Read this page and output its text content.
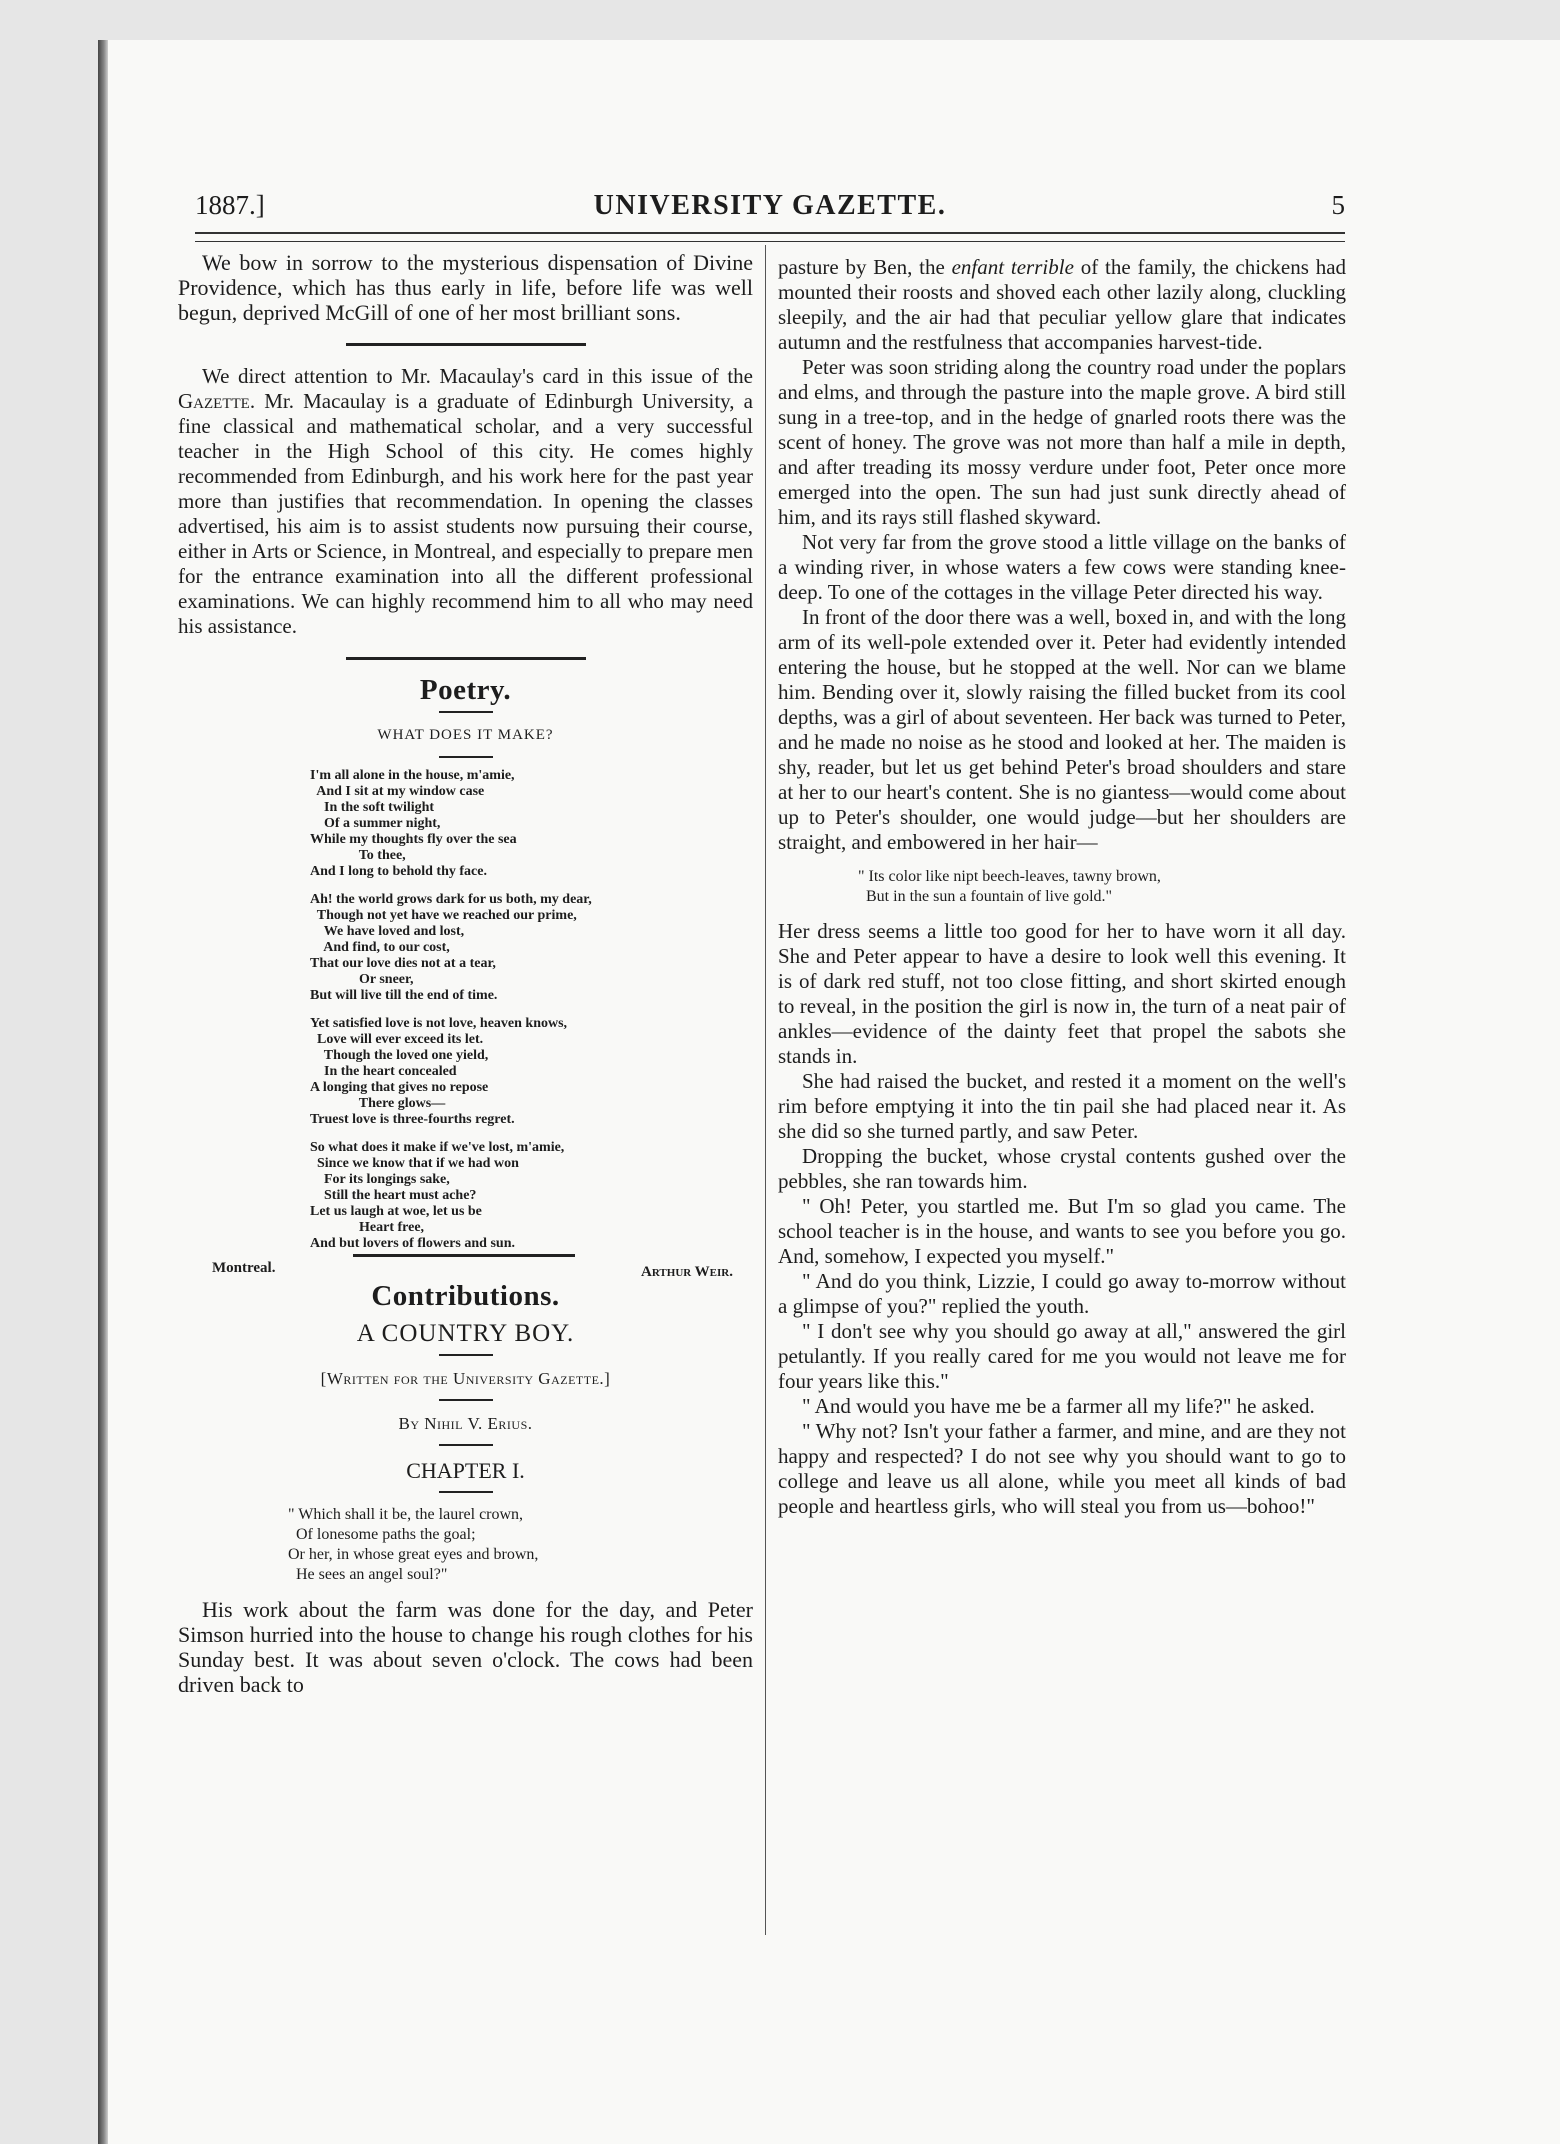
1887.]	UNIVERSITY GAZETTE.	5

We bow in sorrow to the mysterious dispensation of Divine Providence, which has thus early in life, before life was well begun, deprived McGill of one of her most brilliant sons.

We direct attention to Mr. Macaulay's card in this issue of the Gazette. Mr. Macaulay is a graduate of Edinburgh University, a fine classical and mathematical scholar, and a very successful teacher in the High School of this city. He comes highly recommended from Edinburgh, and his work here for the past year more than justifies that recommendation. In opening the classes advertised, his aim is to assist students now pursuing their course, either in Arts or Science, in Montreal, and especially to prepare men for the entrance examination into all the different professional examinations. We can highly recommend him to all who may need his assistance.

Poetry.
WHAT DOES IT MAKE?
I'm all alone in the house, m'amie,
And I sit at my window case
In the soft twilight
Of a summer night,
While my thoughts fly over the sea
To thee,
And I long to behold thy face.
Ah! the world grows dark for us both, my dear,
Though not yet have we reached our prime,
We have loved and lost,
And find, to our cost,
That our love dies not at a tear,
Or sneer,
But will live till the end of time.
Yet satisfied love is not love, heaven knows,
Love will ever exceed its let.
Though the loved one yield,
In the heart concealed
A longing that gives no repose
There glows—
Truest love is three-fourths regret.
So what does it make if we've lost, m'amie,
Since we know that if we had won
For its longings sake,
Still the heart must ache?
Let us laugh at woe, let us be
Heart free,
And but lovers of flowers and sun.
Montreal.	Arthur Weir.
Contributions.
A COUNTRY BOY.
[Written for the University Gazette.]
By Nihil V. Erius.
CHAPTER I.
" Which shall it be, the laurel crown,
Of lonesome paths the goal;
Or her, in whose great eyes and brown,
He sees an angel soul?"

His work about the farm was done for the day, and Peter Simson hurried into the house to change his rough clothes for his Sunday best. It was about seven o'clock. The cows had been driven back to

pasture by Ben, the enfant terrible of the family, the chickens had mounted their roosts and shoved each other lazily along, cluckling sleepily, and the air had that peculiar yellow glare that indicates autumn and the restfulness that accompanies harvest-tide.

Peter was soon striding along the country road under the poplars and elms, and through the pasture into the maple grove. A bird still sung in a tree-top, and in the hedge of gnarled roots there was the scent of honey. The grove was not more than half a mile in depth, and after treading its mossy verdure under foot, Peter once more emerged into the open. The sun had just sunk directly ahead of him, and its rays still flashed skyward.

Not very far from the grove stood a little village on the banks of a winding river, in whose waters a few cows were standing knee-deep. To one of the cottages in the village Peter directed his way.

In front of the door there was a well, boxed in, and with the long arm of its well-pole extended over it. Peter had evidently intended entering the house, but he stopped at the well. Nor can we blame him. Bending over it, slowly raising the filled bucket from its cool depths, was a girl of about seventeen. Her back was turned to Peter, and he made no noise as he stood and looked at her. The maiden is shy, reader, but let us get behind Peter's broad shoulders and stare at her to our heart's content. She is no giantess—would come about up to Peter's shoulder, one would judge—but her shoulders are straight, and embowered in her hair—

" Its color like nipt beech-leaves, tawny brown,
But in the sun a fountain of live gold."

Her dress seems a little too good for her to have worn it all day. She and Peter appear to have a desire to look well this evening. It is of dark red stuff, not too close fitting, and short skirted enough to reveal, in the position the girl is now in, the turn of a neat pair of ankles—evidence of the dainty feet that propel the sabots she stands in.

She had raised the bucket, and rested it a moment on the well's rim before emptying it into the tin pail she had placed near it. As she did so she turned partly, and saw Peter.

Dropping the bucket, whose crystal contents gushed over the pebbles, she ran towards him.

" Oh! Peter, you startled me. But I'm so glad you came. The school teacher is in the house, and wants to see you before you go. And, somehow, I expected you myself."

" And do you think, Lizzie, I could go away to-morrow without a glimpse of you?" replied the youth.

" I don't see why you should go away at all," answered the girl petulantly. If you really cared for me you would not leave me for four years like this."

" And would you have me be a farmer all my life?" he asked.

" Why not? Isn't your father a farmer, and mine, and are they not happy and respected? I do not see why you should want to go to college and leave us all alone, while you meet all kinds of bad people and heartless girls, who will steal you from us—bohoo!"
